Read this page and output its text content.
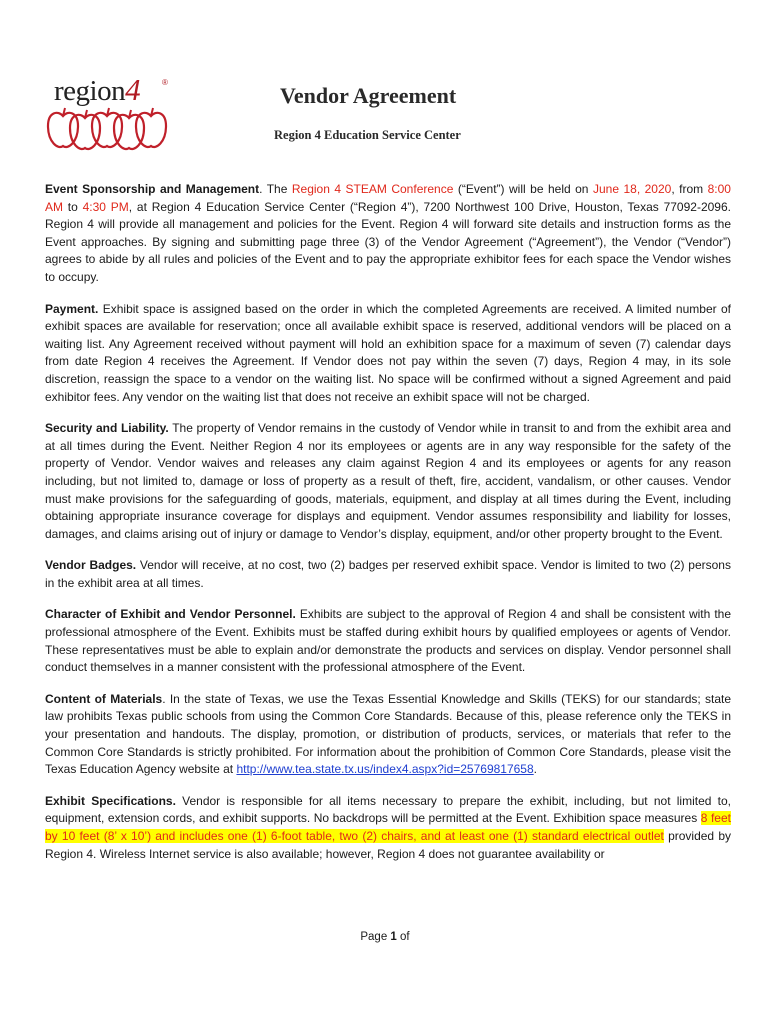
region4	®
Vendor Agreement
Region 4 Education Service Center

Event Sponsorship and Management. The Region 4 STEAM Conference (“Event”) will be held on June 18, 2020, from 8:00 AM to 4:30 PM, at Region 4 Education Service Center (“Region 4”), 7200 Northwest 100 Drive, Houston, Texas 77092-2096. Region 4 will provide all management and policies for the Event. Region 4 will forward site details and instruction forms as the Event approaches. By signing and submitting page three (3) of the Vendor Agreement (“Agreement”), the Vendor (“Vendor”) agrees to abide by all rules and policies of the Event and to pay the appropriate exhibitor fees for each space the Vendor wishes to occupy.

Payment. Exhibit space is assigned based on the order in which the completed Agreements are received. A limited number of exhibit spaces are available for reservation; once all available exhibit space is reserved, additional vendors will be placed on a waiting list. Any Agreement received without payment will hold an exhibition space for a maximum of seven (7) calendar days from date Region 4 receives the Agreement. If Vendor does not pay within the seven (7) days, Region 4 may, in its sole discretion, reassign the space to a vendor on the waiting list. No space will be confirmed without a signed Agreement and paid exhibitor fees. Any vendor on the waiting list that does not receive an exhibit space will not be charged.

Security and Liability. The property of Vendor remains in the custody of Vendor while in transit to and from the exhibit area and at all times during the Event. Neither Region 4 nor its employees or agents are in any way responsible for the safety of the property of Vendor. Vendor waives and releases any claim against Region 4 and its employees or agents for any reason including, but not limited to, damage or loss of property as a result of theft, fire, accident, vandalism, or other causes. Vendor must make provisions for the safeguarding of goods, materials, equipment, and display at all times during the Event, including obtaining appropriate insurance coverage for displays and equipment. Vendor assumes responsibility and liability for losses, damages, and claims arising out of injury or damage to Vendor’s display, equipment, and/or other property brought to the Event.

Vendor Badges. Vendor will receive, at no cost, two (2) badges per reserved exhibit space. Vendor is limited to two (2) persons in the exhibit area at all times.

Character of Exhibit and Vendor Personnel. Exhibits are subject to the approval of Region 4 and shall be consistent with the professional atmosphere of the Event. Exhibits must be staffed during exhibit hours by qualified employees or agents of Vendor. These representatives must be able to explain and/or demonstrate the products and services on display. Vendor personnel shall conduct themselves in a manner consistent with the professional atmosphere of the Event.

Content of Materials. In the state of Texas, we use the Texas Essential Knowledge and Skills (TEKS) for our standards; state law prohibits Texas public schools from using the Common Core Standards. Because of this, please reference only the TEKS in your presentation and handouts. The display, promotion, or distribution of products, services, or materials that refer to the Common Core Standards is strictly prohibited. For information about the prohibition of Common Core Standards, please visit the Texas Education Agency website at http://www.tea.state.tx.us/index4.aspx?id=25769817658.

Exhibit Specifications. Vendor is responsible for all items necessary to prepare the exhibit, including, but not limited to, equipment, extension cords, and exhibit supports. No backdrops will be permitted at the Event. Exhibition space measures 8 feet by 10 feet (8’ x 10’) and includes one (1) 6-foot table, two (2) chairs, and at least one (1) standard electrical outlet provided by Region 4. Wireless Internet service is also available; however, Region 4 does not guarantee availability or

Page 1 of
